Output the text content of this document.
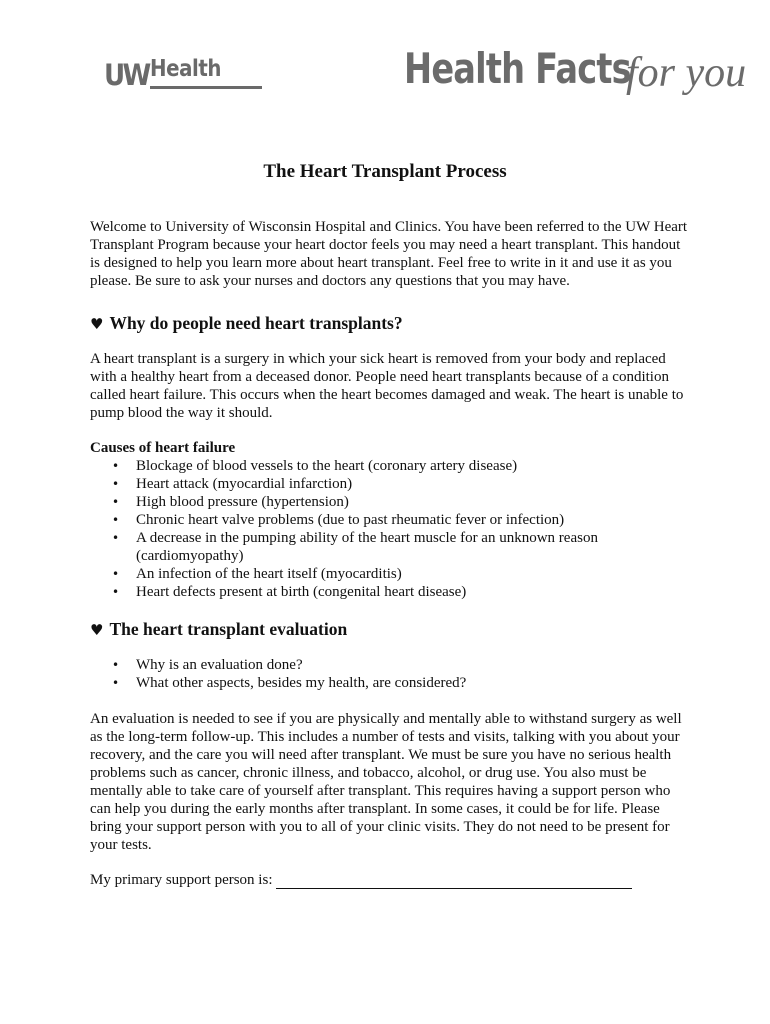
UW Health	Health Facts
for you
The Heart Transplant Process

Welcome to University of Wisconsin Hospital and Clinics. You have been referred to the UW Heart Transplant Program because your heart doctor feels you may need a heart transplant. This handout is designed to help you learn more about heart transplant. Feel free to write in it and use it as you please. Be sure to ask your nurses and doctors any questions that you may have.

♥ Why do people need heart transplants?

A heart transplant is a surgery in which your sick heart is removed from your body and replaced with a healthy heart from a deceased donor. People need heart transplants because of a condition called heart failure. This occurs when the heart becomes damaged and weak. The heart is unable to pump blood the way it should.

Causes of heart failure

•	Blockage of blood vessels to the heart (coronary artery disease)
•	Heart attack (myocardial infarction)
•	High blood pressure (hypertension)
•	Chronic heart valve problems (due to past rheumatic fever or infection)
•	A decrease in the pumping ability of the heart muscle for an unknown reason (cardiomyopathy)
•	An infection of the heart itself (myocarditis)
•	Heart defects present at birth (congenital heart disease)
♥ The heart transplant evaluation
•	Why is an evaluation done?
•	What other aspects, besides my health, are considered?

An evaluation is needed to see if you are physically and mentally able to withstand surgery as well as the long-term follow-up. This includes a number of tests and visits, talking with you about your recovery, and the care you will need after transplant. We must be sure you have no serious health problems such as cancer, chronic illness, and tobacco, alcohol, or drug use. You also must be mentally able to take care of yourself after transplant. This requires having a support person who can help you during the early months after transplant. In some cases, it could be for life. Please bring your support person with you to all of your clinic visits. They do not need to be present for your tests.

My primary support person is:
